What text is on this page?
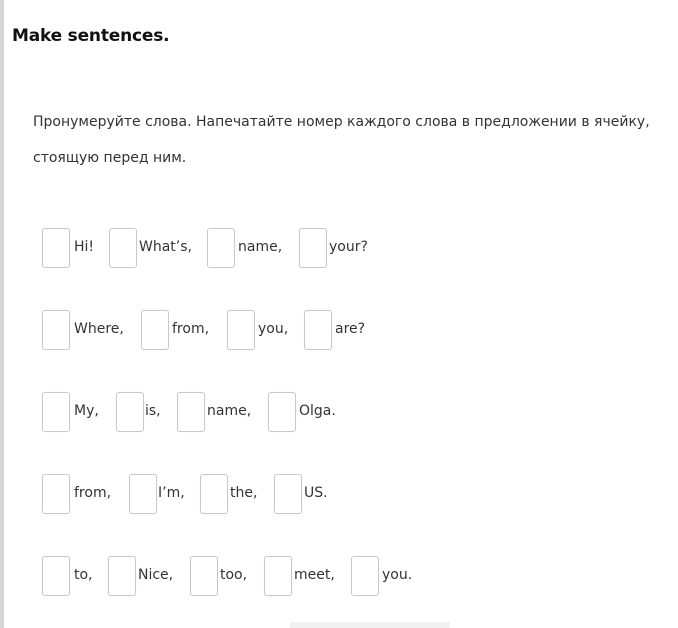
Make sentences.
Пронумеруйте слова. Напечатайте номер каждого слова в предложении в ячейку,
стоящую перед ним.
Hi!	What’s,	name,	your?
Where,	from,	you,	are?
My,	is,	name,	Olga.
from,	I’m,	the,	US.
to,	Nice,	too,	meet,	you.
